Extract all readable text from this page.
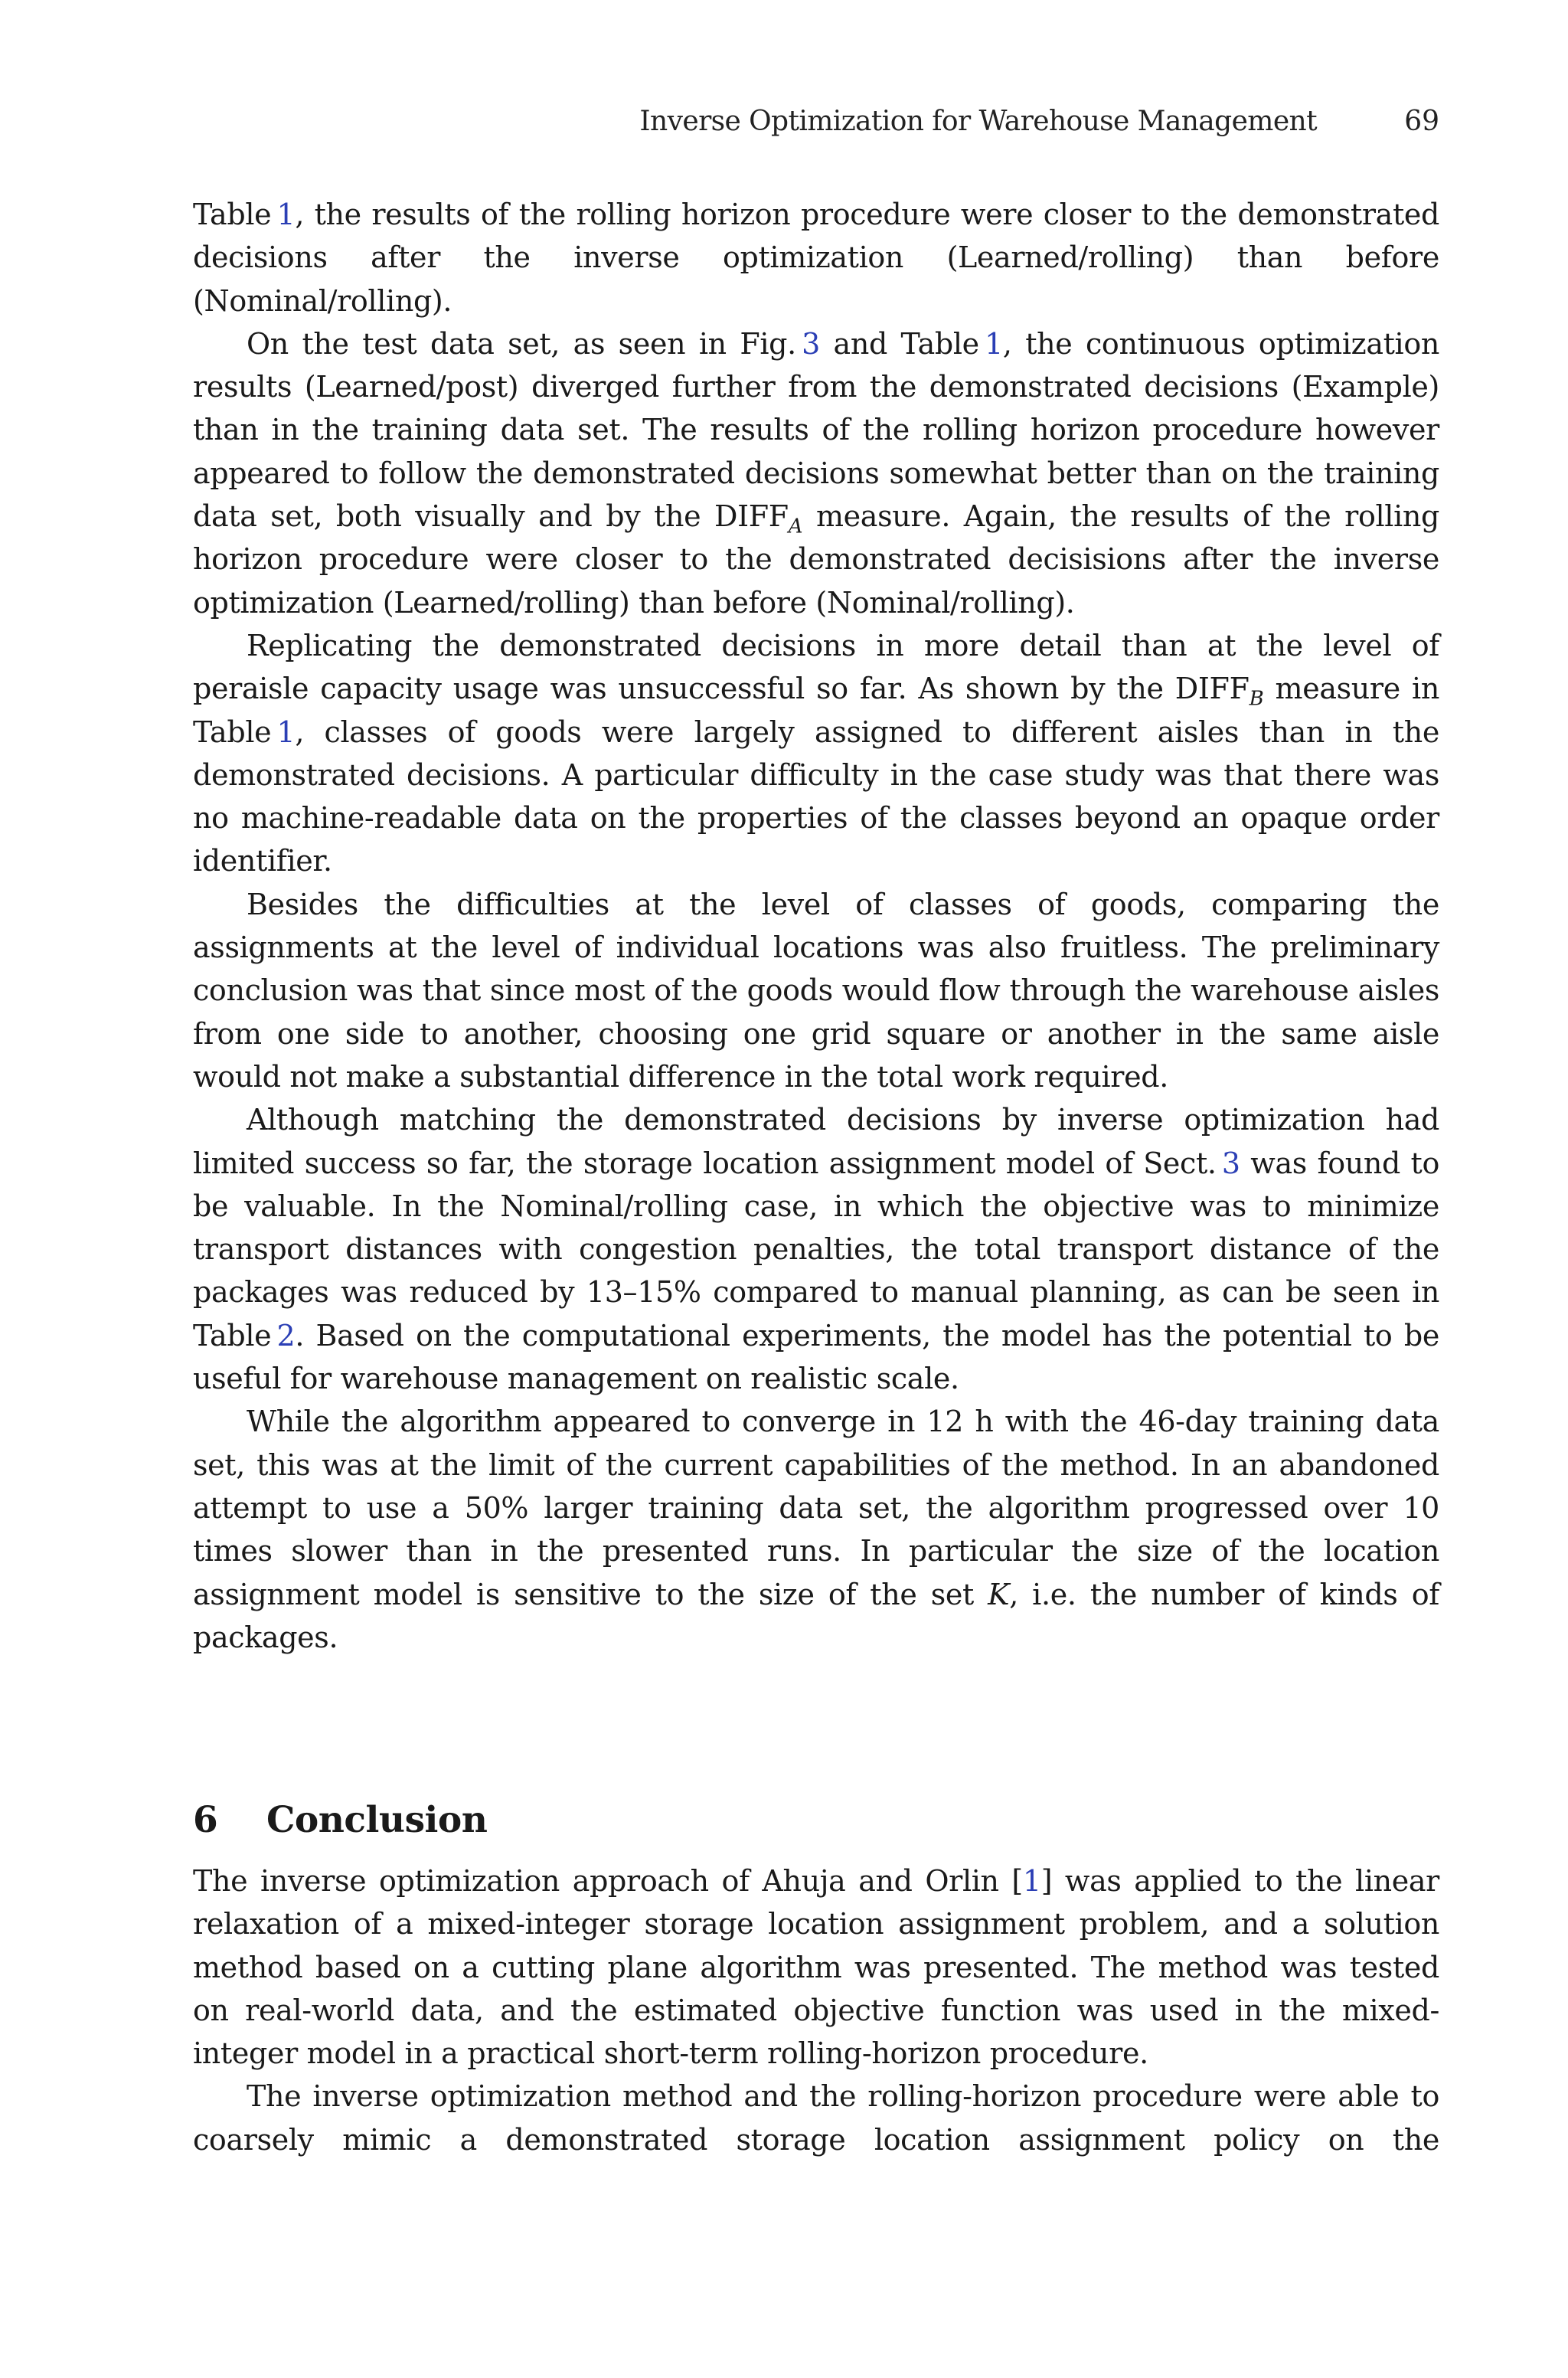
Inverse Optimization for Warehouse Management	69

Table  1, the results of the rolling horizon procedure were closer to the demonstrated decisions after the inverse optimization (Learned/rolling) than before (Nominal/rolling).

On the test data set, as seen in Fig.  3 and Table  1, the continuous optimization results (Learned/post) diverged further from the demonstrated decisions (Example) than in the training data set. The results of the rolling horizon procedure however appeared to follow the demonstrated decisions somewhat better than on the training data set, both visually and by the $DIFF_A$ measure. Again, the results of the rolling horizon procedure were closer to the demonstrated decisisions after the inverse optimization (Learned/rolling) than before (Nominal/rolling).

Replicating the demonstrated decisions in more detail than at the level of peraisle capacity usage was unsuccessful so far. As shown by the $DIFF_B$ measure in Table  1, classes of goods were largely assigned to different aisles than in the demonstrated decisions. A particular difficulty in the case study was that there was no machine-readable data on the properties of the classes beyond an opaque order identifier.

Besides the difficulties at the level of classes of goods, comparing the assignments at the level of individual locations was also fruitless. The preliminary conclusion was that since most of the goods would flow through the warehouse aisles from one side to another, choosing one grid square or another in the same aisle would not make a substantial difference in the total work required.

Although matching the demonstrated decisions by inverse optimization had limited success so far, the storage location assignment model of Sect.  3 was found to be valuable. In the Nominal/rolling case, in which the objective was to minimize transport distances with congestion penalties, the total transport distance of the packages was reduced by 13–15% compared to manual planning, as can be seen in Table  2. Based on the computational experiments, the model has the potential to be useful for warehouse management on realistic scale.

While the algorithm appeared to converge in 12 h with the 46-day training data set, this was at the limit of the current capabilities of the method. In an abandoned attempt to use a 50% larger training data set, the algorithm progressed over 10 times slower than in the presented runs. In particular the size of the location assignment model is sensitive to the size of the set K, i.e. the number of kinds of packages.

6 Conclusion

The inverse optimization approach of Ahuja and Orlin [1] was applied to the linear relaxation of a mixed-integer storage location assignment problem, and a solution method based on a cutting plane algorithm was presented. The method was tested on real-world data, and the estimated objective function was used in the mixed-integer model in a practical short-term rolling-horizon procedure.

The inverse optimization method and the rolling-horizon procedure were able to coarsely mimic a demonstrated storage location assignment policy on the
